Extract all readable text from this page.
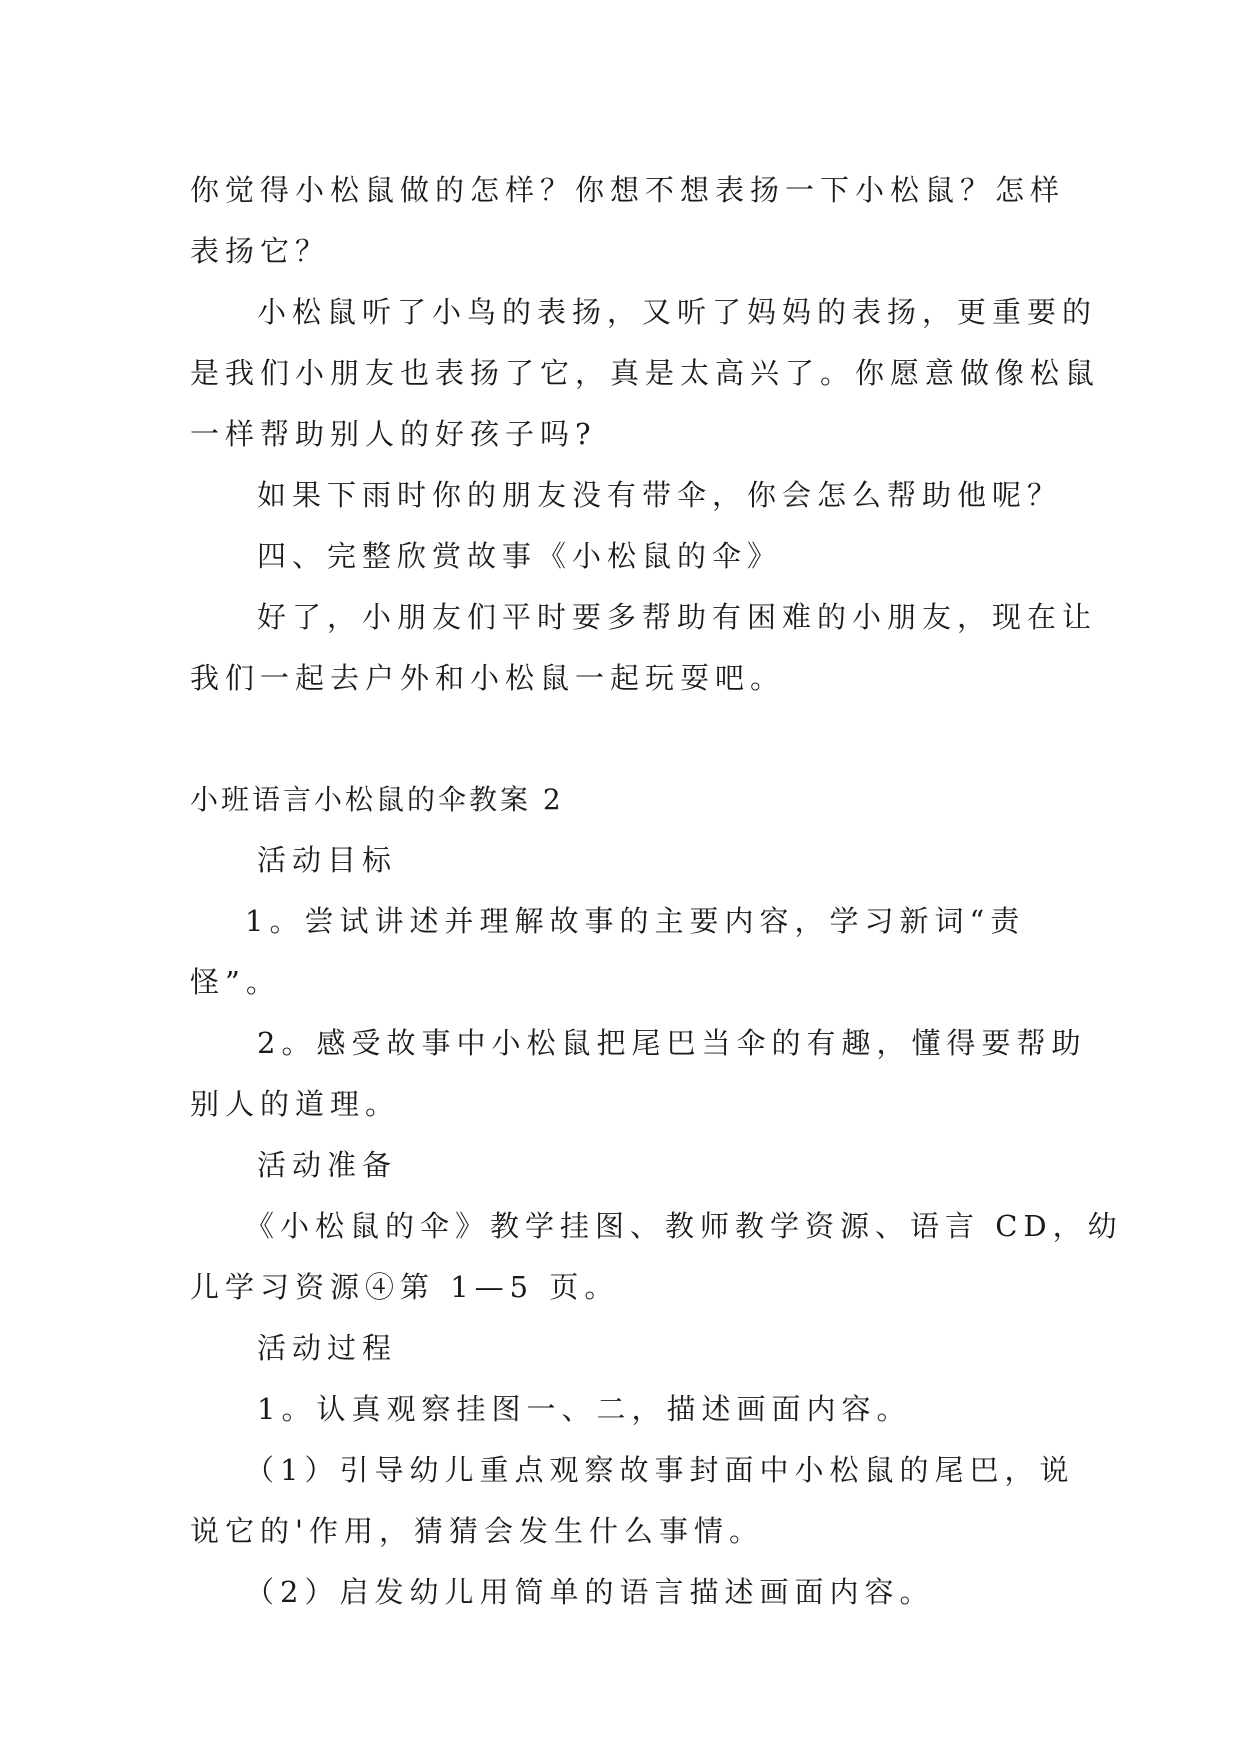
你觉得小松鼠做的怎样？你想不想表扬一下小松鼠？怎样
表扬它？
小松鼠听了小鸟的表扬，又听了妈妈的表扬，更重要的
是我们小朋友也表扬了它，真是太高兴了。你愿意做像松鼠
一样帮助别人的好孩子吗?
如果下雨时你的朋友没有带伞，你会怎么帮助他呢？
四、完整欣赏故事《小松鼠的伞》
好了，小朋友们平时要多帮助有困难的小朋友，现在让
我们一起去户外和小松鼠一起玩耍吧。
小班语言小松鼠的伞教案 2
活动目标
1。尝试讲述并理解故事的主要内容，学习新词“责
怪”。
2。感受故事中小松鼠把尾巴当伞的有趣，懂得要帮助
别人的道理。
活动准备
《小松鼠的伞》教学挂图、教师教学资源、语言 CD，幼
儿学习资源④第 1—5 页。
活动过程
1。认真观察挂图一、二，描述画面内容。
（1）引导幼儿重点观察故事封面中小松鼠的尾巴，说
说它的'作用，猜猜会发生什么事情。
（2）启发幼儿用简单的语言描述画面内容。
